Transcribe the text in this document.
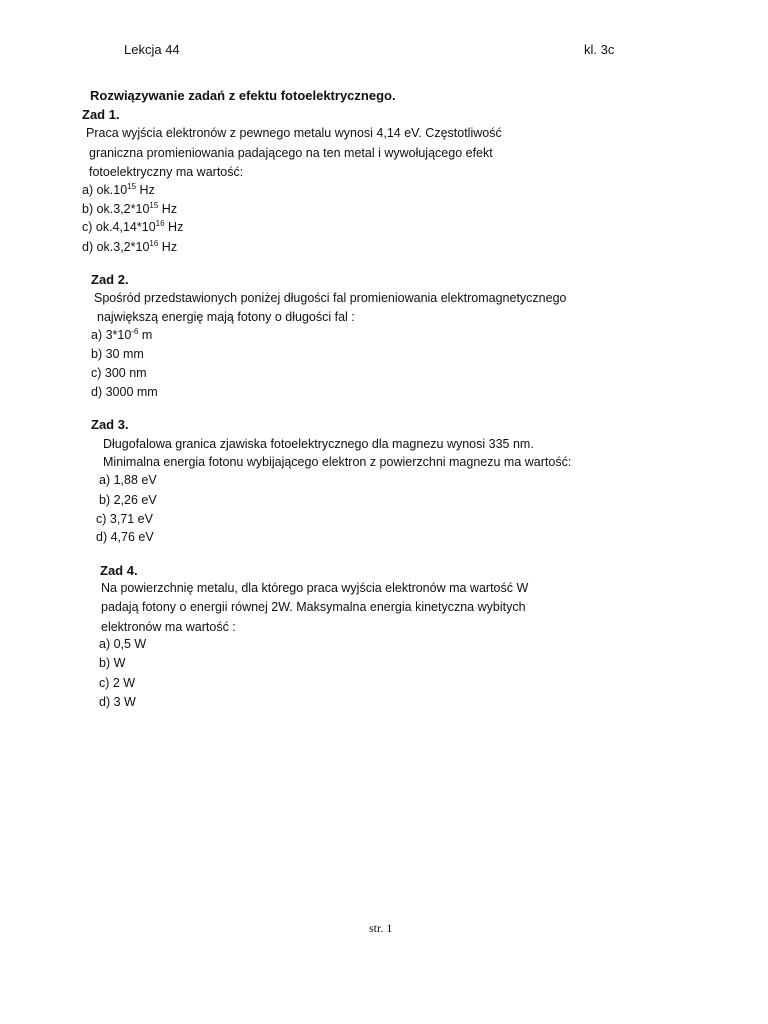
Lekcja 44	kl. 3c
Rozwiązywanie zadań z efektu fotoelektrycznego.
Zad 1.
Praca wyjścia elektronów z pewnego metalu wynosi 4,14 eV. Częstotliwość
graniczna promieniowania padającego na ten metal i wywołującego efekt
fotoelektryczny ma wartość:
a) $ok.10^{15}$ Hz
b) $ok.3,2*10^{15}$ Hz
c) $ok.4,14*10^{16}$ Hz
d) $ok.3,2*10^{16}$ Hz
Zad 2.
Spośród przedstawionych poniżej długości fal promieniowania elektromagnetycznego
największą energię mają fotony o długości fal :
a) $3*10^{-6}$ m
b) 30 mm
c) 300 nm
d) 3000 mm
Zad 3.
Długofalowa granica zjawiska fotoelektrycznego dla magnezu wynosi 335 nm.
Minimalna energia fotonu wybijającego elektron z powierzchni magnezu ma wartość:
a) 1,88 eV
b) 2,26 eV
c) 3,71 eV
d) 4,76 eV
Zad 4.
Na powierzchnię metalu, dla którego praca wyjścia elektronów ma wartość W
padają fotony o energii równej 2W. Maksymalna energia kinetyczna wybitych
elektronów ma wartość :
a) 0,5 W
b) W
c) 2 W
d) 3 W
str. 1
